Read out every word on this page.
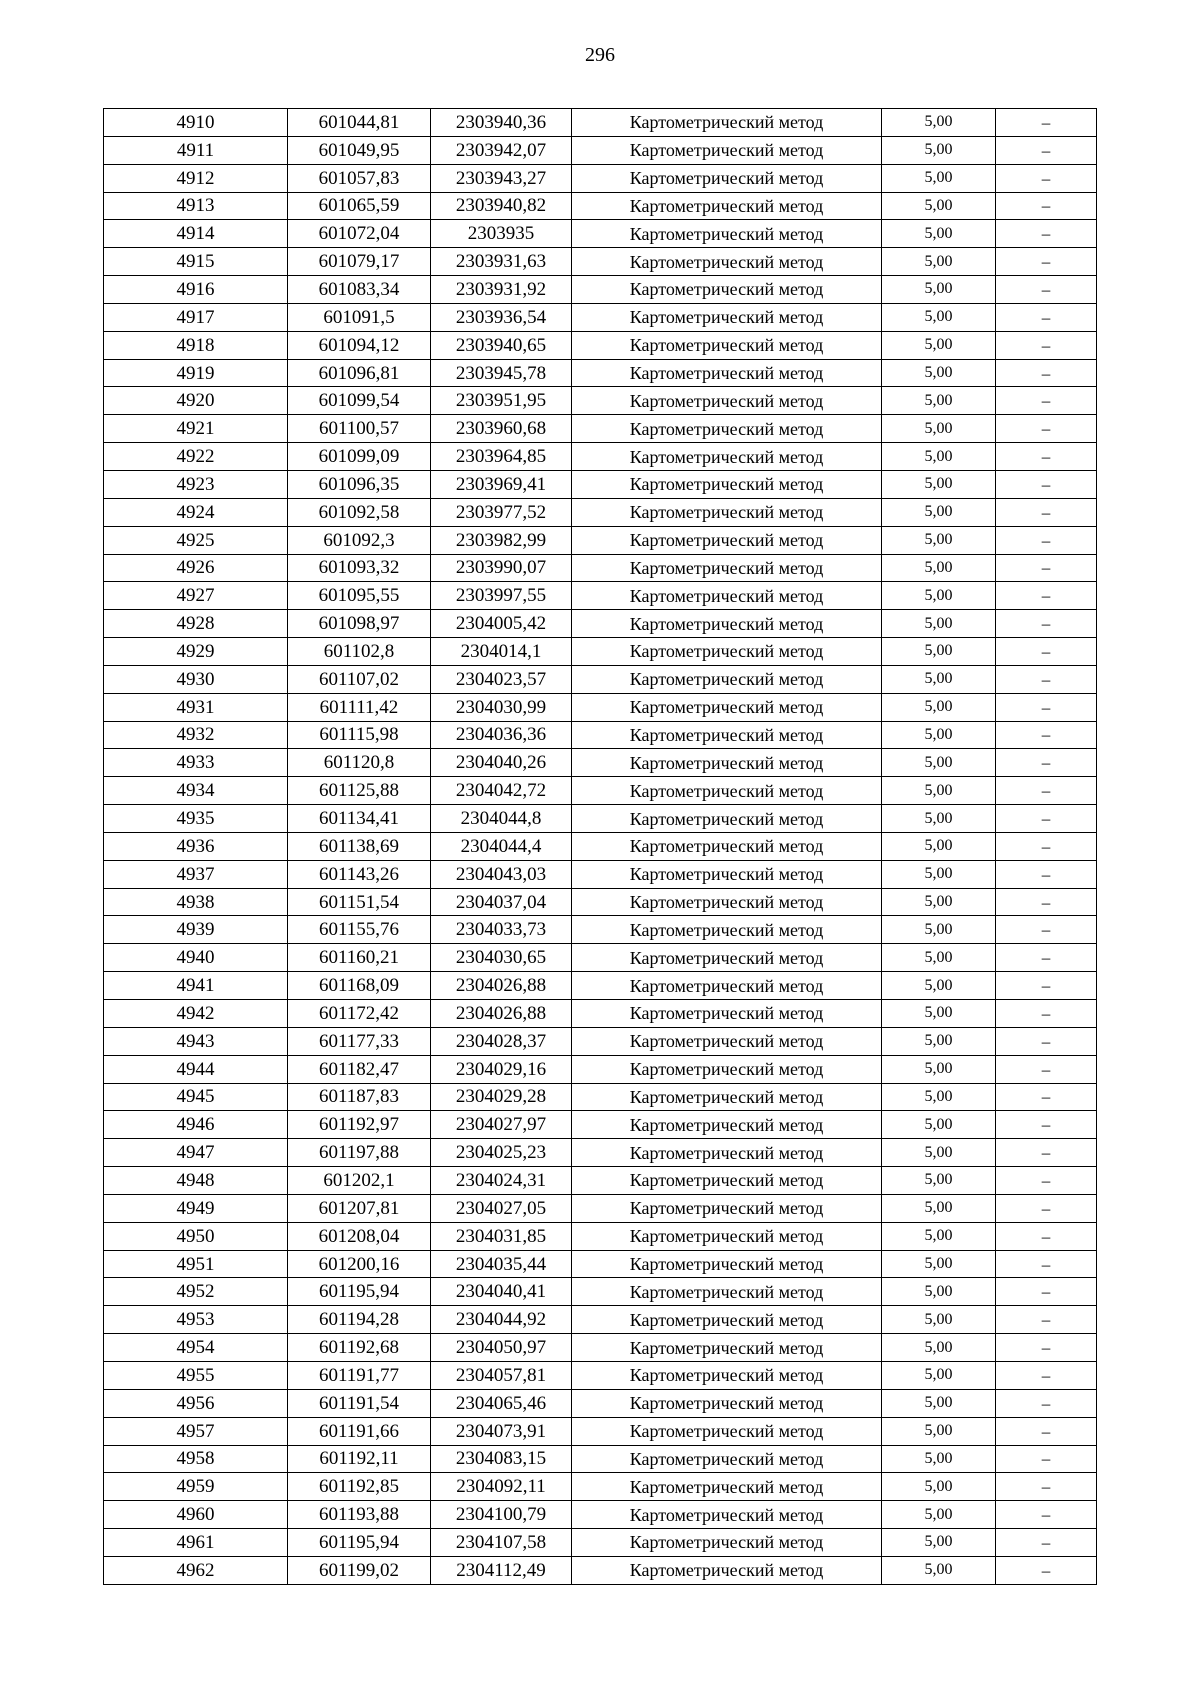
296
4910	601044,81	2303940,36	Картометрический метод	5,00	–
4911	601049,95	2303942,07	Картометрический метод	5,00	–
4912	601057,83	2303943,27	Картометрический метод	5,00	–
4913	601065,59	2303940,82	Картометрический метод	5,00	–
4914	601072,04	2303935	Картометрический метод	5,00	–
4915	601079,17	2303931,63	Картометрический метод	5,00	–
4916	601083,34	2303931,92	Картометрический метод	5,00	–
4917	601091,5	2303936,54	Картометрический метод	5,00	–
4918	601094,12	2303940,65	Картометрический метод	5,00	–
4919	601096,81	2303945,78	Картометрический метод	5,00	–
4920	601099,54	2303951,95	Картометрический метод	5,00	–
4921	601100,57	2303960,68	Картометрический метод	5,00	–
4922	601099,09	2303964,85	Картометрический метод	5,00	–
4923	601096,35	2303969,41	Картометрический метод	5,00	–
4924	601092,58	2303977,52	Картометрический метод	5,00	–
4925	601092,3	2303982,99	Картометрический метод	5,00	–
4926	601093,32	2303990,07	Картометрический метод	5,00	–
4927	601095,55	2303997,55	Картометрический метод	5,00	–
4928	601098,97	2304005,42	Картометрический метод	5,00	–
4929	601102,8	2304014,1	Картометрический метод	5,00	–
4930	601107,02	2304023,57	Картометрический метод	5,00	–
4931	601111,42	2304030,99	Картометрический метод	5,00	–
4932	601115,98	2304036,36	Картометрический метод	5,00	–
4933	601120,8	2304040,26	Картометрический метод	5,00	–
4934	601125,88	2304042,72	Картометрический метод	5,00	–
4935	601134,41	2304044,8	Картометрический метод	5,00	–
4936	601138,69	2304044,4	Картометрический метод	5,00	–
4937	601143,26	2304043,03	Картометрический метод	5,00	–
4938	601151,54	2304037,04	Картометрический метод	5,00	–
4939	601155,76	2304033,73	Картометрический метод	5,00	–
4940	601160,21	2304030,65	Картометрический метод	5,00	–
4941	601168,09	2304026,88	Картометрический метод	5,00	–
4942	601172,42	2304026,88	Картометрический метод	5,00	–
4943	601177,33	2304028,37	Картометрический метод	5,00	–
4944	601182,47	2304029,16	Картометрический метод	5,00	–
4945	601187,83	2304029,28	Картометрический метод	5,00	–
4946	601192,97	2304027,97	Картометрический метод	5,00	–
4947	601197,88	2304025,23	Картометрический метод	5,00	–
4948	601202,1	2304024,31	Картометрический метод	5,00	–
4949	601207,81	2304027,05	Картометрический метод	5,00	–
4950	601208,04	2304031,85	Картометрический метод	5,00	–
4951	601200,16	2304035,44	Картометрический метод	5,00	–
4952	601195,94	2304040,41	Картометрический метод	5,00	–
4953	601194,28	2304044,92	Картометрический метод	5,00	–
4954	601192,68	2304050,97	Картометрический метод	5,00	–
4955	601191,77	2304057,81	Картометрический метод	5,00	–
4956	601191,54	2304065,46	Картометрический метод	5,00	–
4957	601191,66	2304073,91	Картометрический метод	5,00	–
4958	601192,11	2304083,15	Картометрический метод	5,00	–
4959	601192,85	2304092,11	Картометрический метод	5,00	–
4960	601193,88	2304100,79	Картометрический метод	5,00	–
4961	601195,94	2304107,58	Картометрический метод	5,00	–
4962	601199,02	2304112,49	Картометрический метод	5,00	–
